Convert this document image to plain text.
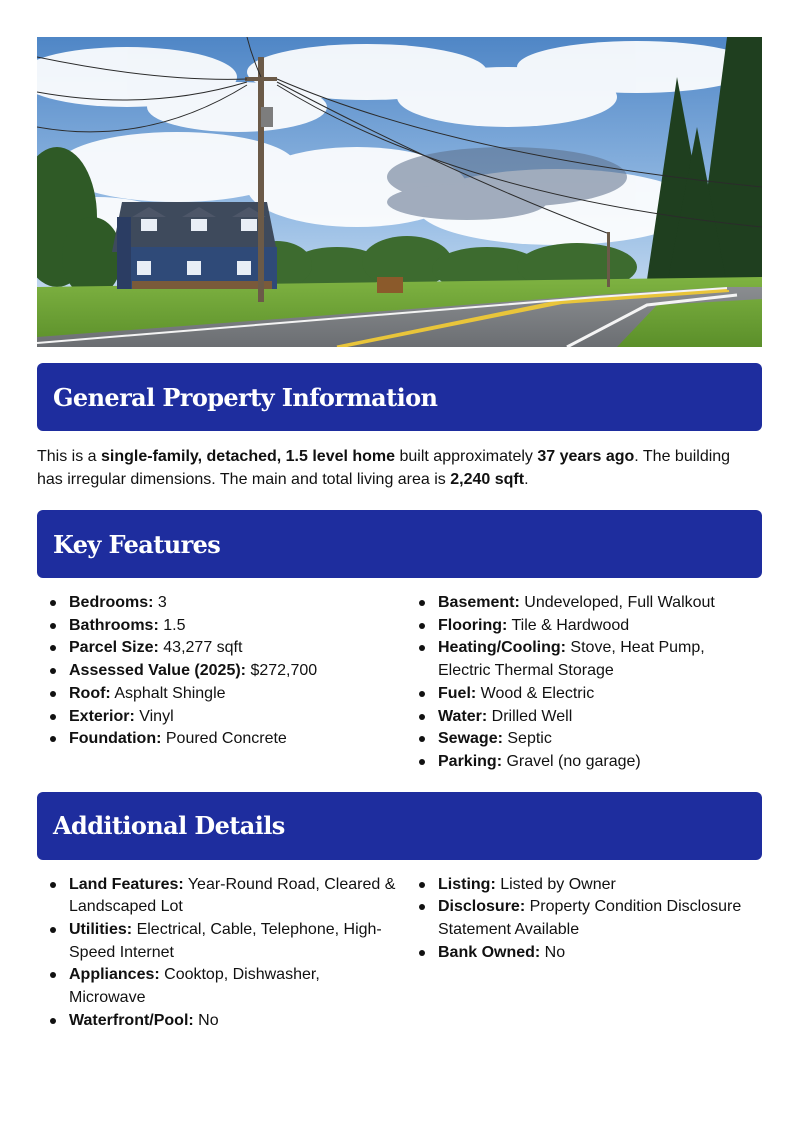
General Property Information

This is a single-family, detached, 1.5 level home built approximately 37 years ago. The building has irregular dimensions. The main and total living area is 2,240 sqft.

Key Features
Bedrooms: 3
Bathrooms: 1.5
Parcel Size: 43,277 sqft
Assessed Value (2025): $272,700
Roof: Asphalt Shingle
Exterior: Vinyl
Foundation: Poured Concrete
Basement: Undeveloped, Full Walkout
Flooring: Tile & Hardwood
Heating/Cooling: Stove, Heat Pump, Electric Thermal Storage
Fuel: Wood & Electric
Water: Drilled Well
Sewage: Septic
Parking: Gravel (no garage)
Additional Details
Land Features: Year-Round Road, Cleared & Landscaped Lot
Utilities: Electrical, Cable, Telephone, High-Speed Internet
Appliances: Cooktop, Dishwasher, Microwave
Waterfront/Pool: No
Listing: Listed by Owner
Disclosure: Property Condition Disclosure Statement Available
Bank Owned: No
